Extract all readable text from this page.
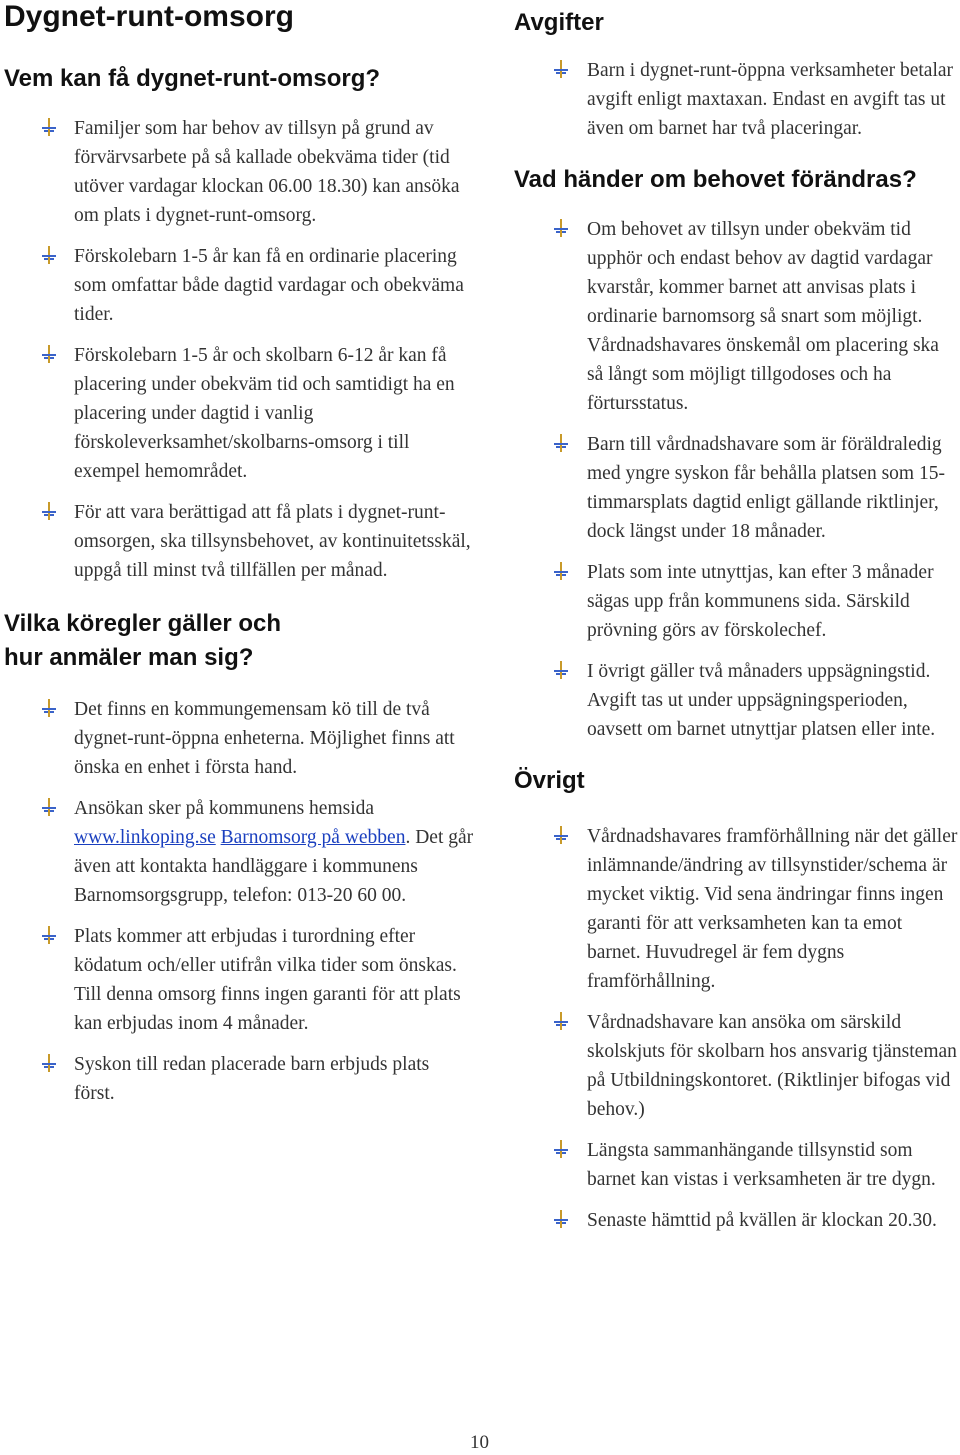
Dygnet-runt-omsorg
Vem kan få dygnet-runt-omsorg?
Familjer som har behov av tillsyn på grund av förvärvsarbete på så kallade obekväma tider (tid utöver vardagar klockan 06.00 18.30) kan ansöka om plats i dygnet-runt-omsorg.
Förskolebarn 1-5 år kan få en ordinarie placering som omfattar både dagtid vardagar och obekväma tider.
Förskolebarn 1-5 år och skolbarn 6-12 år kan få placering under obekväm tid och samtidigt ha en placering under dagtid i vanlig förskoleverksamhet/skolbarns-omsorg i till exempel hemområdet.
För att vara berättigad att få plats i dygnet-runt-omsorgen, ska tillsynsbehovet, av kontinuitetsskäl, uppgå till minst två tillfällen per månad.
Vilka köregler gäller och
hur anmäler man sig?
Det finns en kommungemensam kö till de två dygnet-runt-öppna enheterna. Möjlighet finns att önska en enhet i första hand.
Ansökan sker på kommunens hemsida www.linkoping.se Barnomsorg på webben. Det går även att kontakta handläggare i kommunens Barnomsorgsgrupp, telefon: 013-20 60 00.
Plats kommer att erbjudas i turordning efter ködatum och/eller utifrån vilka tider som önskas. Till denna omsorg finns ingen garanti för att plats kan erbjudas inom 4 månader.
Syskon till redan placerade barn erbjuds plats först.
Avgifter
Barn i dygnet-runt-öppna verksamheter betalar avgift enligt maxtaxan. Endast en avgift tas ut även om barnet har två placeringar.
Vad händer om behovet förändras?
Om behovet av tillsyn under obekväm tid upphör och endast behov av dagtid vardagar kvarstår, kommer barnet att anvisas plats i ordinarie barnomsorg så snart som möjligt. Vårdnadshavares önskemål om placering ska så långt som möjligt tillgodoses och ha förtursstatus.
Barn till vårdnadshavare som är föräldraledig med yngre syskon får behålla platsen som 15-timmarsplats dagtid enligt gällande riktlinjer, dock längst under 18 månader.
Plats som inte utnyttjas, kan efter 3 månader sägas upp från kommunens sida. Särskild prövning görs av förskolechef.
I övrigt gäller två månaders uppsägningstid. Avgift tas ut under uppsägningsperioden, oavsett om barnet utnyttjar platsen eller inte.
Övrigt
Vårdnadshavares framförhållning när det gäller inlämnande/ändring av tillsynstider/schema är mycket viktig. Vid sena ändringar finns ingen garanti för att verksamheten kan ta emot barnet. Huvudregel är fem dygns framförhållning.
Vårdnadshavare kan ansöka om särskild skolskjuts för skolbarn hos ansvarig tjänsteman på Utbildningskontoret. (Riktlinjer bifogas vid behov.)
Längsta sammanhängande tillsynstid som barnet kan vistas i verksamheten är tre dygn.
Senaste hämttid på kvällen är klockan 20.30.
10
